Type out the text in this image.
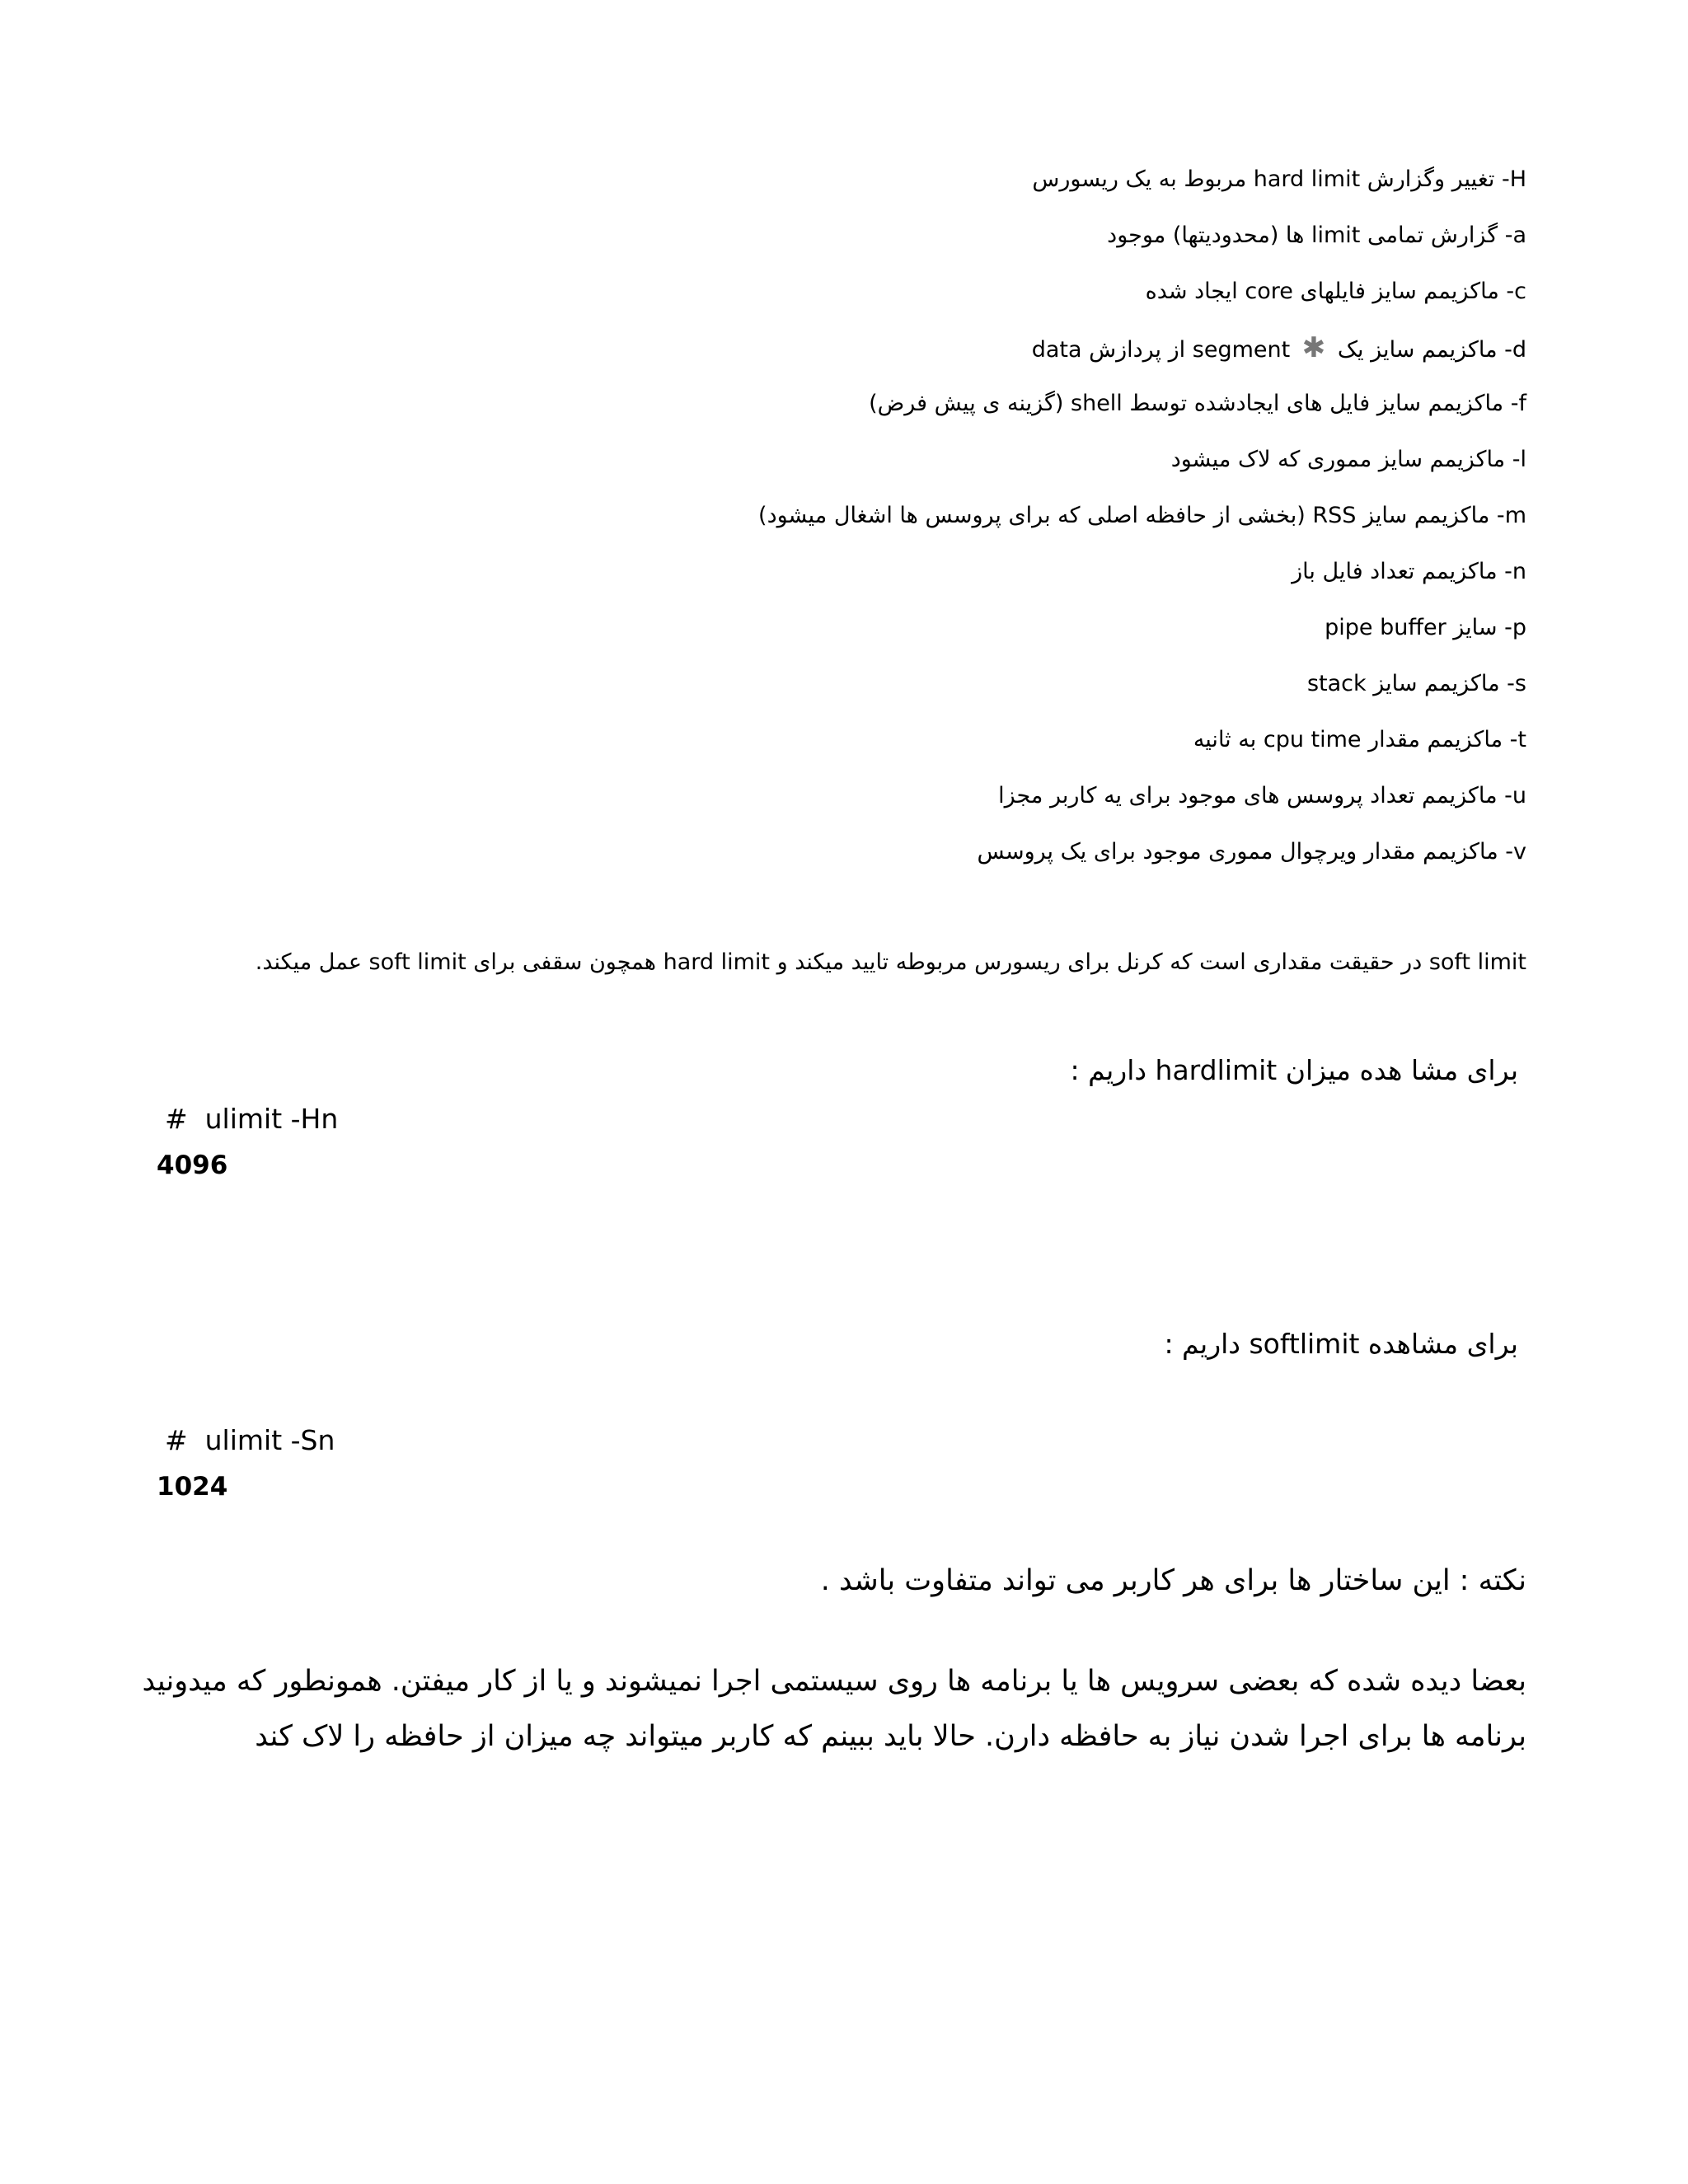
H- تغییر وگزارش hard limit مربوط به یک ریسورس
a- گزارش تمامی limit ها (محدودیتها) موجود
c- ماکزیمم سایز فایلهای core ایجاد شده
d- ماکزیمم سایز یک ✱ segment از پردازش data
f- ماکزیمم سایز فایل های ایجادشده توسط shell (گزینه ی پیش فرض)
l- ماکزیمم سایز مموری که لاک میشود
m- ماکزیمم سایز RSS (بخشی از حافظه اصلی که برای پروسس ها اشغال میشود)
n- ماکزیمم تعداد فایل باز
p- سایز pipe buffer
s- ماکزیمم سایز stack
t- ماکزیمم مقدار cpu time به ثانیه
u- ماکزیمم تعداد پروسس های موجود برای یه کاربر مجزا
v- ماکزیمم مقدار ویرچوال مموری موجود برای یک پروسس
soft limit در حقیقت مقداری است که کرنل برای ریسورس مربوطه تایید میکند و hard limit همچون سقفی برای soft limit عمل میکند.
برای مشا هده میزان hardlimit داریم :
#  ulimit -Hn
4096
برای مشاهده softlimit داریم :
#  ulimit -Sn
1024
نکته : این ساختار ها برای هر کاربر می تواند متفاوت باشد .
بعضا دیده شده که بعضی سرویس ها یا برنامه ها روی سیستمی اجرا نمیشوند و یا از کار میفتن. همونطور که میدونید
برنامه ها برای اجرا شدن نیاز به حافظه دارن. حالا باید ببینم که کاربر میتواند چه میزان از حافظه را لاک کند
